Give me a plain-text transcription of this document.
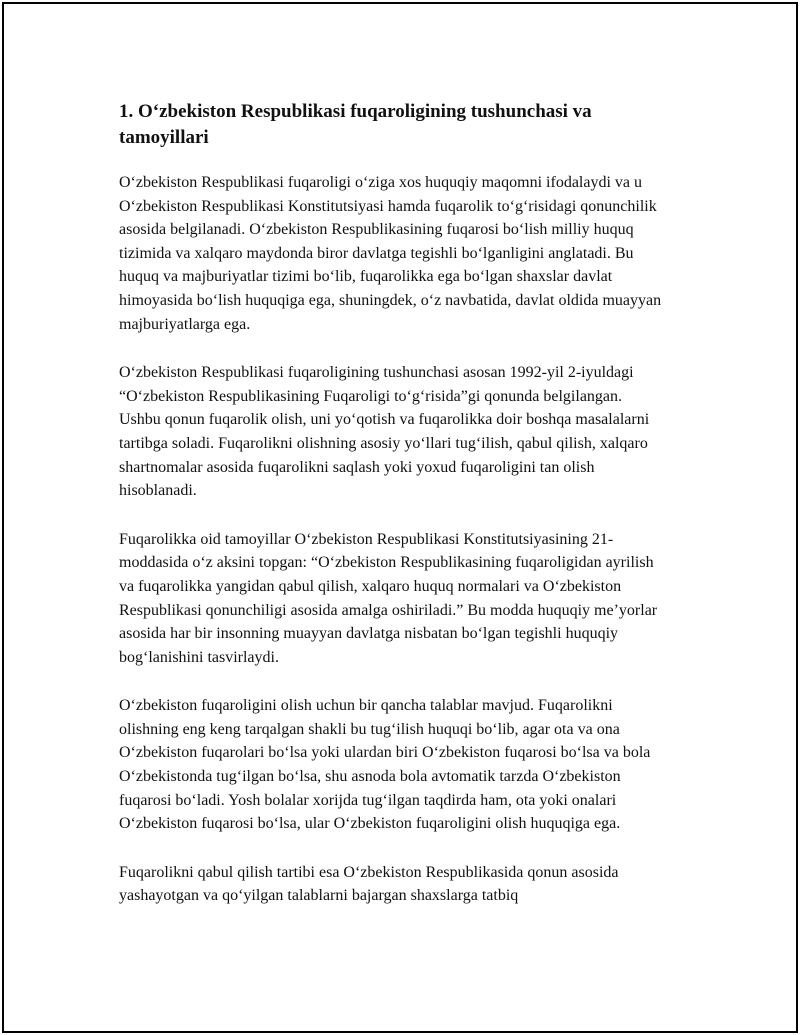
1. O‘zbekiston Respublikasi fuqaroligining tushunchasi va tamoyillari

O‘zbekiston Respublikasi fuqaroligi o‘ziga xos huquqiy maqomni ifodalaydi va u O‘zbekiston Respublikasi Konstitutsiyasi hamda fuqarolik to‘g‘risidagi qonunchilik asosida belgilanadi. O‘zbekiston Respublikasining fuqarosi bo‘lish milliy huquq tizimida va xalqaro maydonda biror davlatga tegishli bo‘lganligini anglatadi. Bu huquq va majburiyatlar tizimi bo‘lib, fuqarolikka ega bo‘lgan shaxslar davlat himoyasida bo‘lish huquqiga ega, shuningdek, o‘z navbatida, davlat oldida muayyan majburiyatlarga ega.

O‘zbekiston Respublikasi fuqaroligining tushunchasi asosan 1992-yil 2-iyuldagi “O‘zbekiston Respublikasining Fuqaroligi to‘g‘risida”gi qonunda belgilangan. Ushbu qonun fuqarolik olish, uni yo‘qotish va fuqarolikka doir boshqa masalalarni tartibga soladi. Fuqarolikni olishning asosiy yo‘llari tug‘ilish, qabul qilish, xalqaro shartnomalar asosida fuqarolikni saqlash yoki yoxud fuqaroligini tan olish hisoblanadi.

Fuqarolikka oid tamoyillar O‘zbekiston Respublikasi Konstitutsiyasining 21-moddasida o‘z aksini topgan: “O‘zbekiston Respublikasining fuqaroligidan ayrilish va fuqarolikka yangidan qabul qilish, xalqaro huquq normalari va O‘zbekiston Respublikasi qonunchiligi asosida amalga oshiriladi.” Bu modda huquqiy me’yorlar asosida har bir insonning muayyan davlatga nisbatan bo‘lgan tegishli huquqiy bog‘lanishini tasvirlaydi.

O‘zbekiston fuqaroligini olish uchun bir qancha talablar mavjud. Fuqarolikni olishning eng keng tarqalgan shakli bu tug‘ilish huquqi bo‘lib, agar ota va ona O‘zbekiston fuqarolari bo‘lsa yoki ulardan biri O‘zbekiston fuqarosi bo‘lsa va bola O‘zbekistonda tug‘ilgan bo‘lsa, shu asnoda bola avtomatik tarzda O‘zbekiston fuqarosi bo‘ladi. Yosh bolalar xorijda tug‘ilgan taqdirda ham, ota yoki onalari O‘zbekiston fuqarosi bo‘lsa, ular O‘zbekiston fuqaroligini olish huquqiga ega.

Fuqarolikni qabul qilish tartibi esa O‘zbekiston Respublikasida qonun asosida yashayotgan va qo‘yilgan talablarni bajargan shaxslarga tatbiq
